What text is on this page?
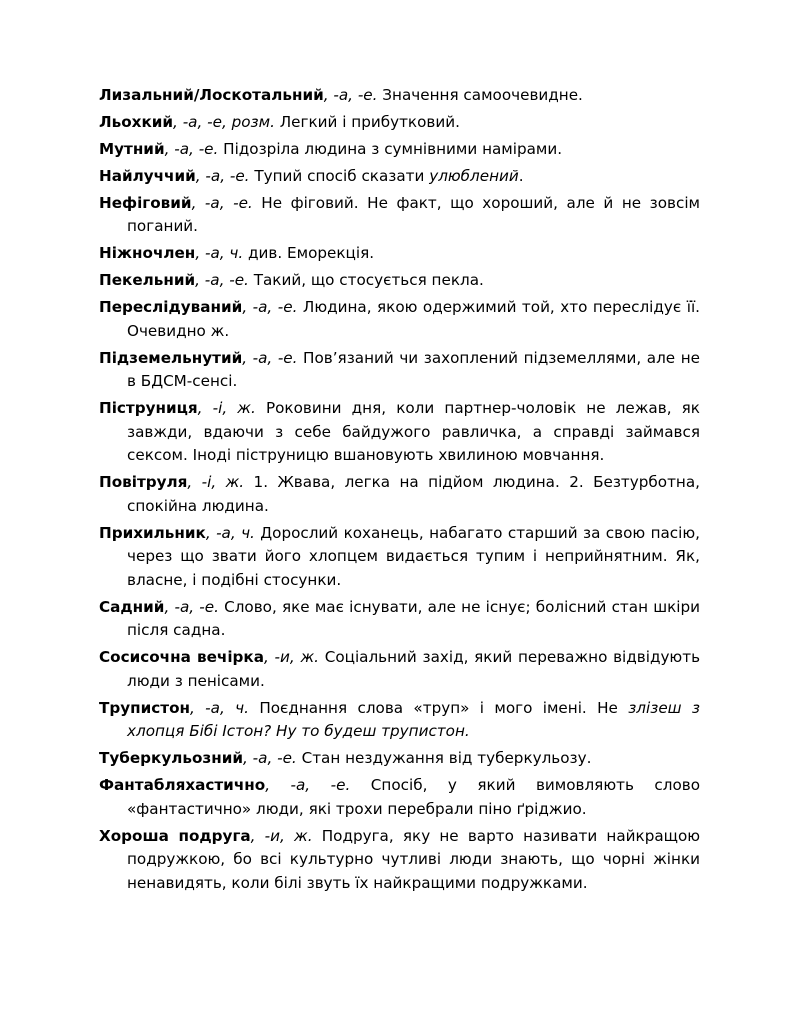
Лизальний/Лоскотальний, -а, -е. Значення самоочевидне.

Льохкий, -а, -е, розм. Легкий і прибутковий.

Мутний, -а, -е. Підозріла людина з сумнівними намірами.

Найлуччий, -а, -е. Тупий спосіб сказати улюблений.

Нефіговий, -а, -е. Не фіговий. Не факт, що хороший, але й не зовсім поганий.

Ніжночлен, -а, ч. див. Еморекція.

Пекельний, -а, -е. Такий, що стосується пекла.

Переслідуваний, -а, -е. Людина, якою одержимий той, хто переслідує її. Очевидно ж.

Підземельнутий, -а, -е. Пов’язаний чи захоплений підземеллями, але не в БДСМ-сенсі.

Піструниця, -і, ж. Роковини дня, коли партнер-чоловік не лежав, як завжди, вдаючи з себе байдужого равличка, а справді займався сексом. Іноді піструницю вшановують хвилиною мовчання.

Повітруля, -і, ж. 1. Жвава, легка на підйом людина. 2. Безтурботна, спокійна людина.

Прихильник, -а, ч. Дорослий коханець, набагато старший за свою пасію, через що звати його хлопцем видається тупим і неприйнятним. Як, власне, і подібні стосунки.

Садний, -а, -е. Слово, яке має існувати, але не існує; болісний стан шкіри після садна.

Сосисочна вечірка, -и, ж. Соціальний захід, який переважно відвідують люди з пенісами.

Трупистон, -а, ч. Поєднання слова «труп» і мого імені. Не злізеш з хлопця Бібі Істон? Ну то будеш трупистон.

Туберкульозний, -а, -е. Стан нездужання від туберкульозу.

Фантабляхастично, -а, -е. Спосіб, у який вимовляють слово «фантастично» люди, які трохи перебрали піно ґріджио.

Хороша подруга, -и, ж. Подруга, яку не варто називати найкращою подружкою, бо всі культурно чутливі люди знають, що чорні жінки ненавидять, коли білі звуть їх найкращими подружками.
